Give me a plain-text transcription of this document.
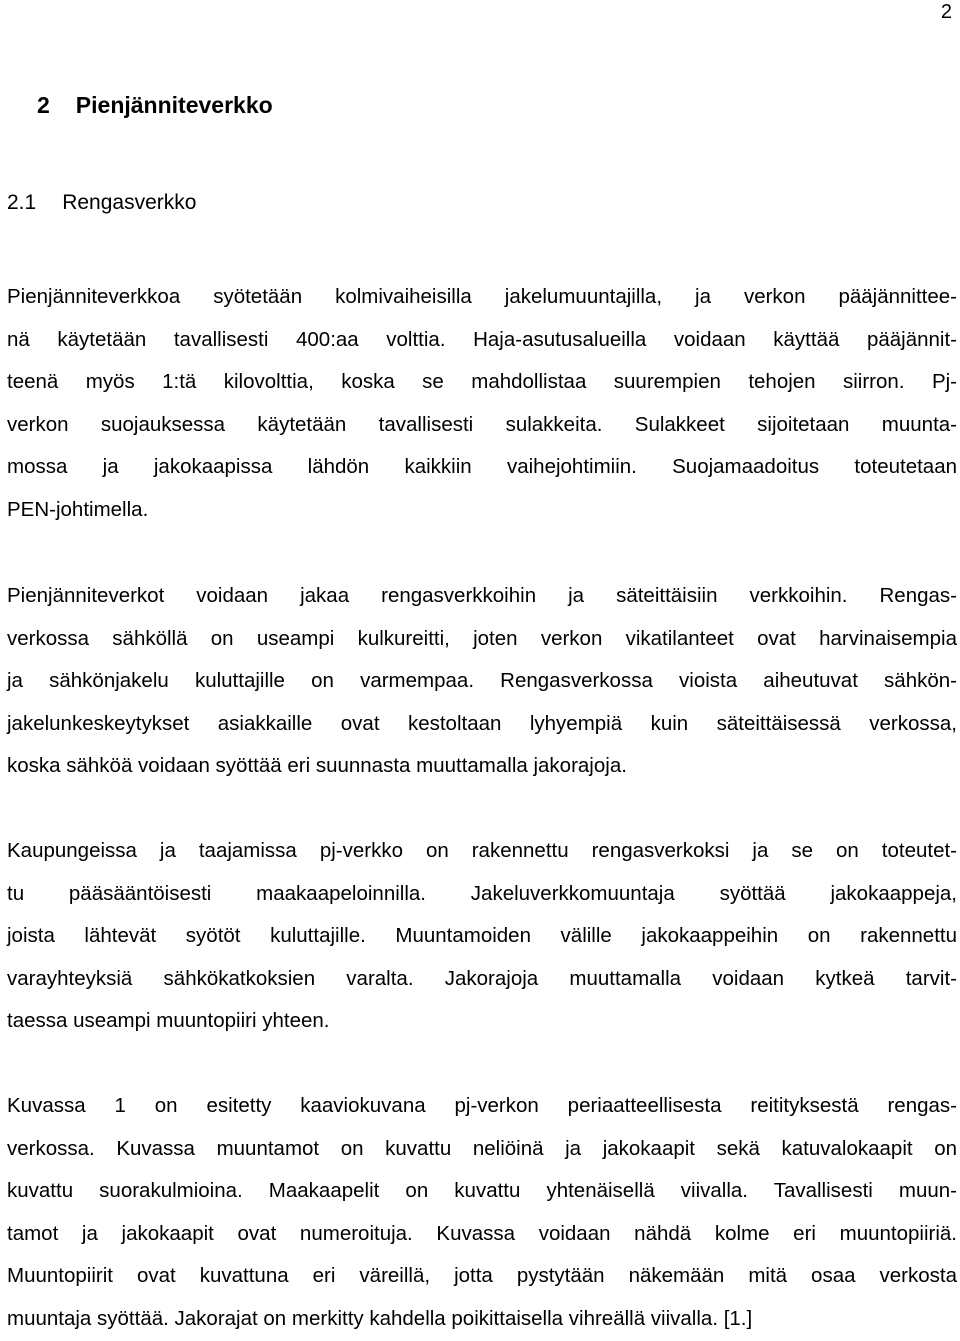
2
2 Pienjänniteverkko
2.1 Rengasverkko

Pienjänniteverkkoa syötetään kolmivaiheisilla jakelumuuntajilla, ja verkon pääjännittee-
nä käytetään tavallisesti 400:aa volttia. Haja-asutusalueilla voidaan käyttää pääjännit-
teenä myös 1:tä kilovolttia, koska se mahdollistaa suurempien tehojen siirron. Pj-
verkon suojauksessa käytetään tavallisesti sulakkeita. Sulakkeet sijoitetaan muunta-
mossa ja jakokaapissa lähdön kaikkiin vaihejohtimiin. Suojamaadoitus toteutetaan
PEN-johtimella.

Pienjänniteverkot voidaan jakaa rengasverkkoihin ja säteittäisiin verkkoihin. Rengas-
verkossa sähköllä on useampi kulkureitti, joten verkon vikatilanteet ovat harvinaisempia
ja sähkönjakelu kuluttajille on varmempaa. Rengasverkossa vioista aiheutuvat sähkön-
jakelunkeskeytykset asiakkaille ovat kestoltaan lyhyempiä kuin säteittäisessä verkossa,
koska sähköä voidaan syöttää eri suunnasta muuttamalla jakorajoja.

Kaupungeissa ja taajamissa pj-verkko on rakennettu rengasverkoksi ja se on toteutet-
tu pääsääntöisesti maakaapeloinnilla. Jakeluverkkomuuntaja syöttää jakokaappeja,
joista lähtevät syötöt kuluttajille. Muuntamoiden välille jakokaappeihin on rakennettu
varayhteyksiä sähkökatkoksien varalta. Jakorajoja muuttamalla voidaan kytkeä tarvit-
taessa useampi muuntopiiri yhteen.

Kuvassa 1 on esitetty kaaviokuvana pj-verkon periaatteellisesta reitityksestä rengas-
verkossa. Kuvassa muuntamot on kuvattu neliöinä ja jakokaapit sekä katuvalokaapit on
kuvattu suorakulmioina. Maakaapelit on kuvattu yhtenäisellä viivalla. Tavallisesti muun-
tamot ja jakokaapit ovat numeroituja. Kuvassa voidaan nähdä kolme eri muuntopiiriä.
Muuntopiirit ovat kuvattuna eri väreillä, jotta pystytään näkemään mitä osaa verkosta
muuntaja syöttää. Jakorajat on merkitty kahdella poikittaisella vihreällä viivalla. [1.]
